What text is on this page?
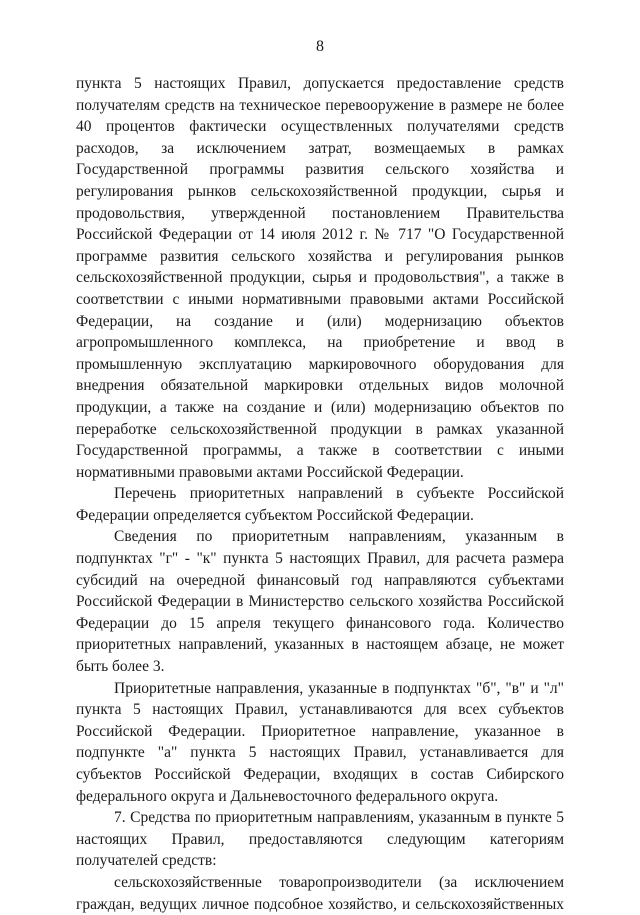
8

пункта 5 настоящих Правил, допускается предоставление средств получателям средств на техническое перевооружение в размере не более 40 процентов фактически осуществленных получателями средств расходов, за исключением затрат, возмещаемых в рамках Государственной программы развития сельского хозяйства и регулирования рынков сельскохозяйственной продукции, сырья и продовольствия, утвержденной постановлением Правительства Российской Федерации от 14 июля 2012 г. № 717 "О Государственной программе развития сельского хозяйства и регулирования рынков сельскохозяйственной продукции, сырья и продовольствия", а также в соответствии с иными нормативными правовыми актами Российской Федерации, на создание и (или) модернизацию объектов агропромышленного комплекса, на приобретение и ввод в промышленную эксплуатацию маркировочного оборудования для внедрения обязательной маркировки отдельных видов молочной продукции, а также на создание и (или) модернизацию объектов по переработке сельскохозяйственной продукции в рамках указанной Государственной программы, а также в соответствии с иными нормативными правовыми актами Российской Федерации.

Перечень приоритетных направлений в субъекте Российской Федерации определяется субъектом Российской Федерации.

Сведения по приоритетным направлениям, указанным в подпунктах "г" - "к" пункта 5 настоящих Правил, для расчета размера субсидий на очередной финансовый год направляются субъектами Российской Федерации в Министерство сельского хозяйства Российской Федерации до 15 апреля текущего финансового года. Количество приоритетных направлений, указанных в настоящем абзаце, не может быть более 3.

Приоритетные направления, указанные в подпунктах "б", "в" и "л" пункта 5 настоящих Правил, устанавливаются для всех субъектов Российской Федерации. Приоритетное направление, указанное в подпункте "а" пункта 5 настоящих Правил, устанавливается для субъектов Российской Федерации, входящих в состав Сибирского федерального округа и Дальневосточного федерального округа.

7. Средства по приоритетным направлениям, указанным в пункте 5 настоящих Правил, предоставляются следующим категориям получателей средств:

сельскохозяйственные товаропроизводители (за исключением граждан, ведущих личное подсобное хозяйство, и сельскохозяйственных
